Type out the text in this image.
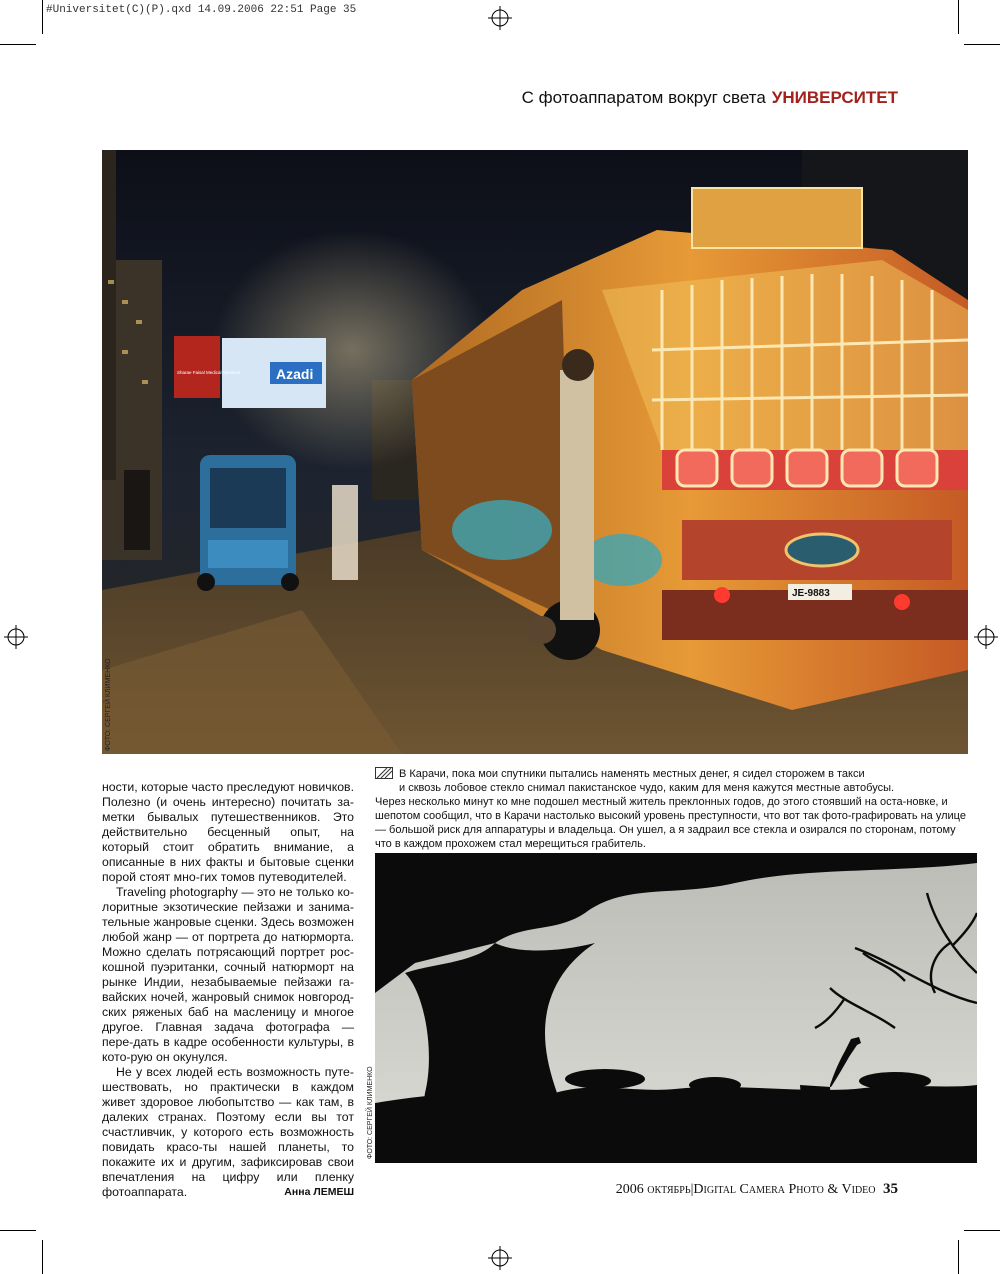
#Universitet(C)(P).qxd 14.09.2006 22:51 Page 35
С фотоаппаратом вокруг света УНИВЕРСИТЕТ
Azadi
Sharae Faisal Medical Services
JE-9883
ФОТО: СЕРГЕЙ КЛИМЕНКО
В Карачи, пока мои спутники пытались наменять местных денег, я сидел сторожем в такси
и сквозь лобовое стекло снимал пакистанское чудо, каким для меня кажутся местные автобусы.
Через несколько минут ко мне подошел местный житель преклонных годов, до этого стоявший на оста-новке, и шепотом сообщил, что в Карачи настолько высокий уровень преступности, что вот так фото-графировать на улице — большой риск для аппаратуры и владельца. Он ушел, а я задраил все стекла и озирался по сторонам, потому что в каждом прохожем стал мерещиться грабитель.

ности, которые часто преследуют новичков. Полезно (и очень интересно) почитать за-метки бывалых путешественников. Это действительно бесценный опыт, на который стоит обратить внимание, а описанные в них факты и бытовые сценки порой стоят мно-гих томов путеводителей.

Traveling photography — это не только ко-лоритные экзотические пейзажи и занима-тельные жанровые сценки. Здесь возможен любой жанр — от портрета до натюрморта. Можно сделать потрясающий портрет рос-кошной пуэританки, сочный натюрморт на рынке Индии, незабываемые пейзажи га-вайских ночей, жанровый снимок новгород-ских ряженых баб на масленицу и многое другое. Главная задача фотографа — пере-дать в кадре особенности культуры, в кото-рую он окунулся.

Не у всех людей есть возможность путе-шествовать, но практически в каждом живет здоровое любопытство — как там, в далеких странах. Поэтому если вы тот счастливчик, у которого есть возможность повидать красо-ты нашей планеты, то покажите их и другим, зафиксировав свои впечатления на цифру или пленку фотоаппарата.	Анна ЛЕМЕШ

ФОТО: СЕРГЕЙ КЛИМЕНКО
2006 октябрь|Digital Camera Photo & Video 35
